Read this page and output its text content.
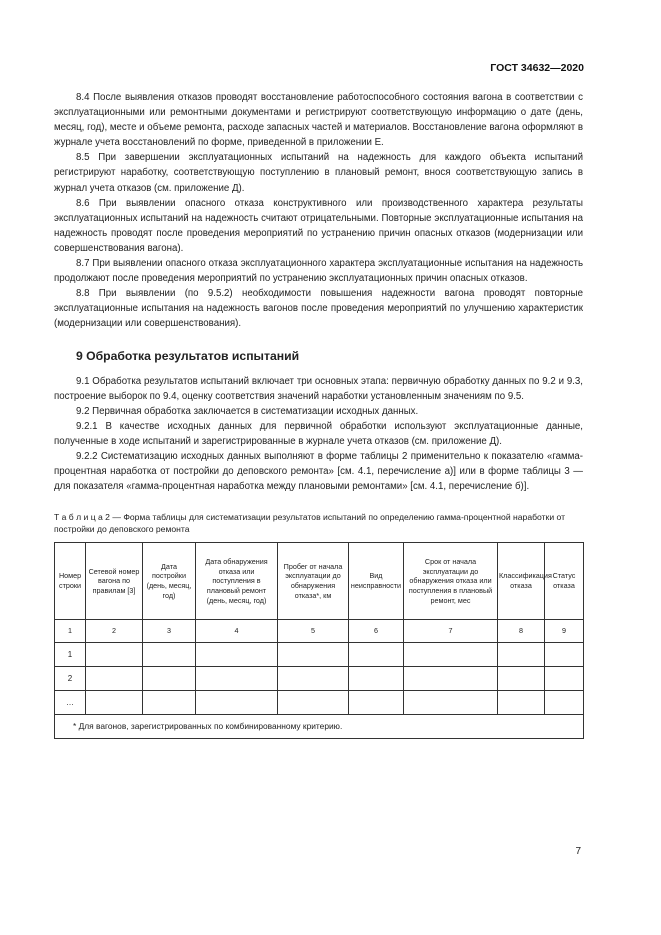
ГОСТ 34632—2020

8.4 После выявления отказов проводят восстановление работоспособного состояния вагона в соответствии с эксплуатационными или ремонтными документами и регистрируют соответствующую информацию о дате (день, месяц, год), месте и объеме ремонта, расходе запасных частей и материалов. Восстановление вагона оформляют в журнале учета восстановлений по форме, приведенной в приложении Е.

8.5 При завершении эксплуатационных испытаний на надежность для каждого объекта испытаний регистрируют наработку, соответствующую поступлению в плановый ремонт, внося соответствующую запись в журнал учета отказов (см. приложение Д).

8.6 При выявлении опасного отказа конструктивного или производственного характера результаты эксплуатационных испытаний на надежность считают отрицательными. Повторные эксплуатационные испытания на надежность проводят после проведения мероприятий по устранению причин опасных отказов (модернизации или совершенствования вагона).

8.7 При выявлении опасного отказа эксплуатационного характера эксплуатационные испытания на надежность продолжают после проведения мероприятий по устранению эксплуатационных причин опасных отказов.

8.8 При выявлении (по 9.5.2) необходимости повышения надежности вагона проводят повторные эксплуатационные испытания на надежность вагонов после проведения мероприятий по улучшению характеристик (модернизации или совершенствования).

9 Обработка результатов испытаний

9.1 Обработка результатов испытаний включает три основных этапа: первичную обработку данных по 9.2 и 9.3, построение выборок по 9.4, оценку соответствия значений наработки установленным значениям по 9.5.

9.2 Первичная обработка заключается в систематизации исходных данных.

9.2.1 В качестве исходных данных для первичной обработки используют эксплуатационные данные, полученные в ходе испытаний и зарегистрированные в журнале учета отказов (см. приложение Д).

9.2.2 Систематизацию исходных данных выполняют в форме таблицы 2 применительно к показателю «гамма-процентная наработка от постройки до деповского ремонта» [см. 4.1, перечисление а)] или в форме таблицы 3 — для показателя «гамма-процентная наработка между плановыми ремонтами» [см. 4.1, перечисление б)].

Т а б л и ц а 2 — Форма таблицы для систематизации результатов испытаний по определению гамма-процентной наработки от постройки до деповского ремонта

Номер строки	Сетевой номер вагона по правилам [3]	Дата постройки (день, месяц, год)	Дата обнаружения отказа или поступления в плановый ремонт (день, месяц, год)	Пробег от начала эксплуатации до обнаружения отказа*, км	Вид неисправности	Срок от начала эксплуатации до обнаружения отказа или поступления в плановый ремонт, мес	Классификация отказа	Статус отказа
1	2	3	4	5	6	7	8	9
1								
2								
…								
* Для вагонов, зарегистрированных по комбинированному критерию.								
7
